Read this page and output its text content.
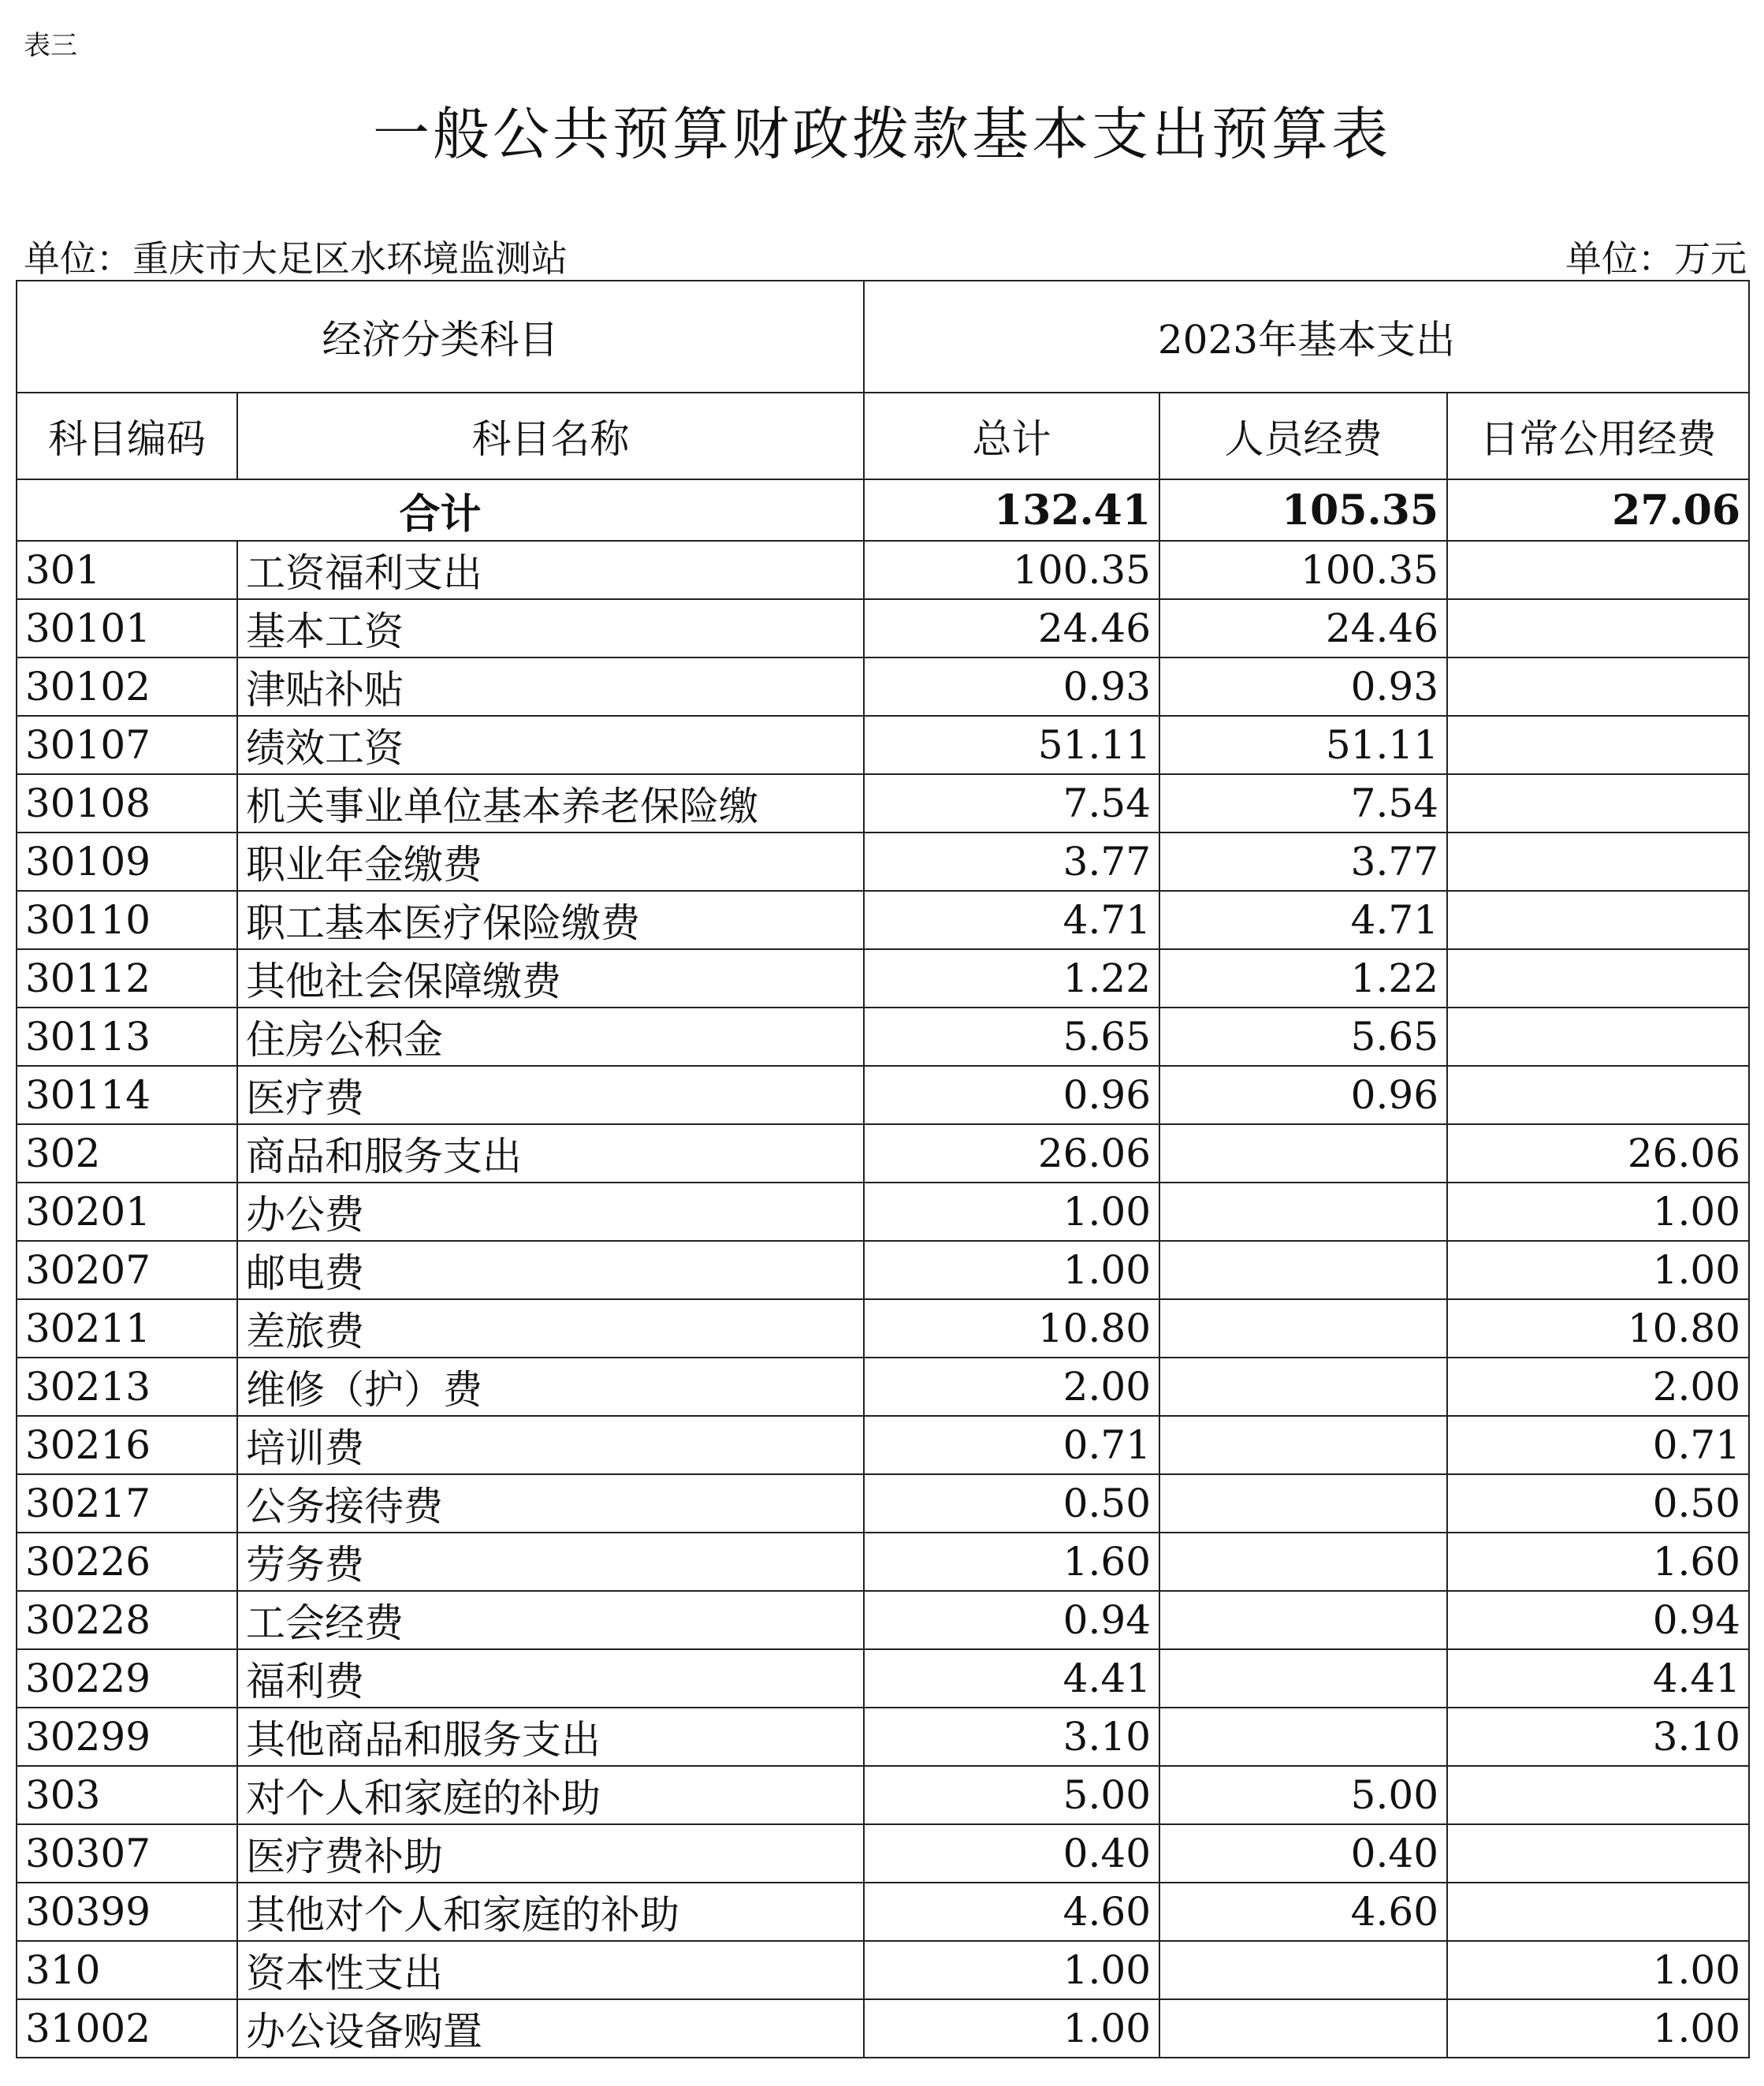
表三
一般公共预算财政拨款基本支出预算表
单位：重庆市大足区水环境监测站	单位：万元
经济分类科目		2023年基本支出		
科目编码	科目名称	总计	人员经费	日常公用经费
合计		132.41	105.35	27.06
301	工资福利支出	100.35	100.35	
30101	基本工资	24.46	24.46	
30102	津贴补贴	0.93	0.93	
30107	绩效工资	51.11	51.11	
30108	机关事业单位基本养老保险缴	7.54	7.54	
30109	职业年金缴费	3.77	3.77	
30110	职工基本医疗保险缴费	4.71	4.71	
30112	其他社会保障缴费	1.22	1.22	
30113	住房公积金	5.65	5.65	
30114	医疗费	0.96	0.96	
302	商品和服务支出	26.06		26.06
30201	办公费	1.00		1.00
30207	邮电费	1.00		1.00
30211	差旅费	10.80		10.80
30213	维修（护）费	2.00		2.00
30216	培训费	0.71		0.71
30217	公务接待费	0.50		0.50
30226	劳务费	1.60		1.60
30228	工会经费	0.94		0.94
30229	福利费	4.41		4.41
30299	其他商品和服务支出	3.10		3.10
303	对个人和家庭的补助	5.00	5.00	
30307	医疗费补助	0.40	0.40	
30399	其他对个人和家庭的补助	4.60	4.60	
310	资本性支出	1.00		1.00
31002	办公设备购置	1.00		1.00
